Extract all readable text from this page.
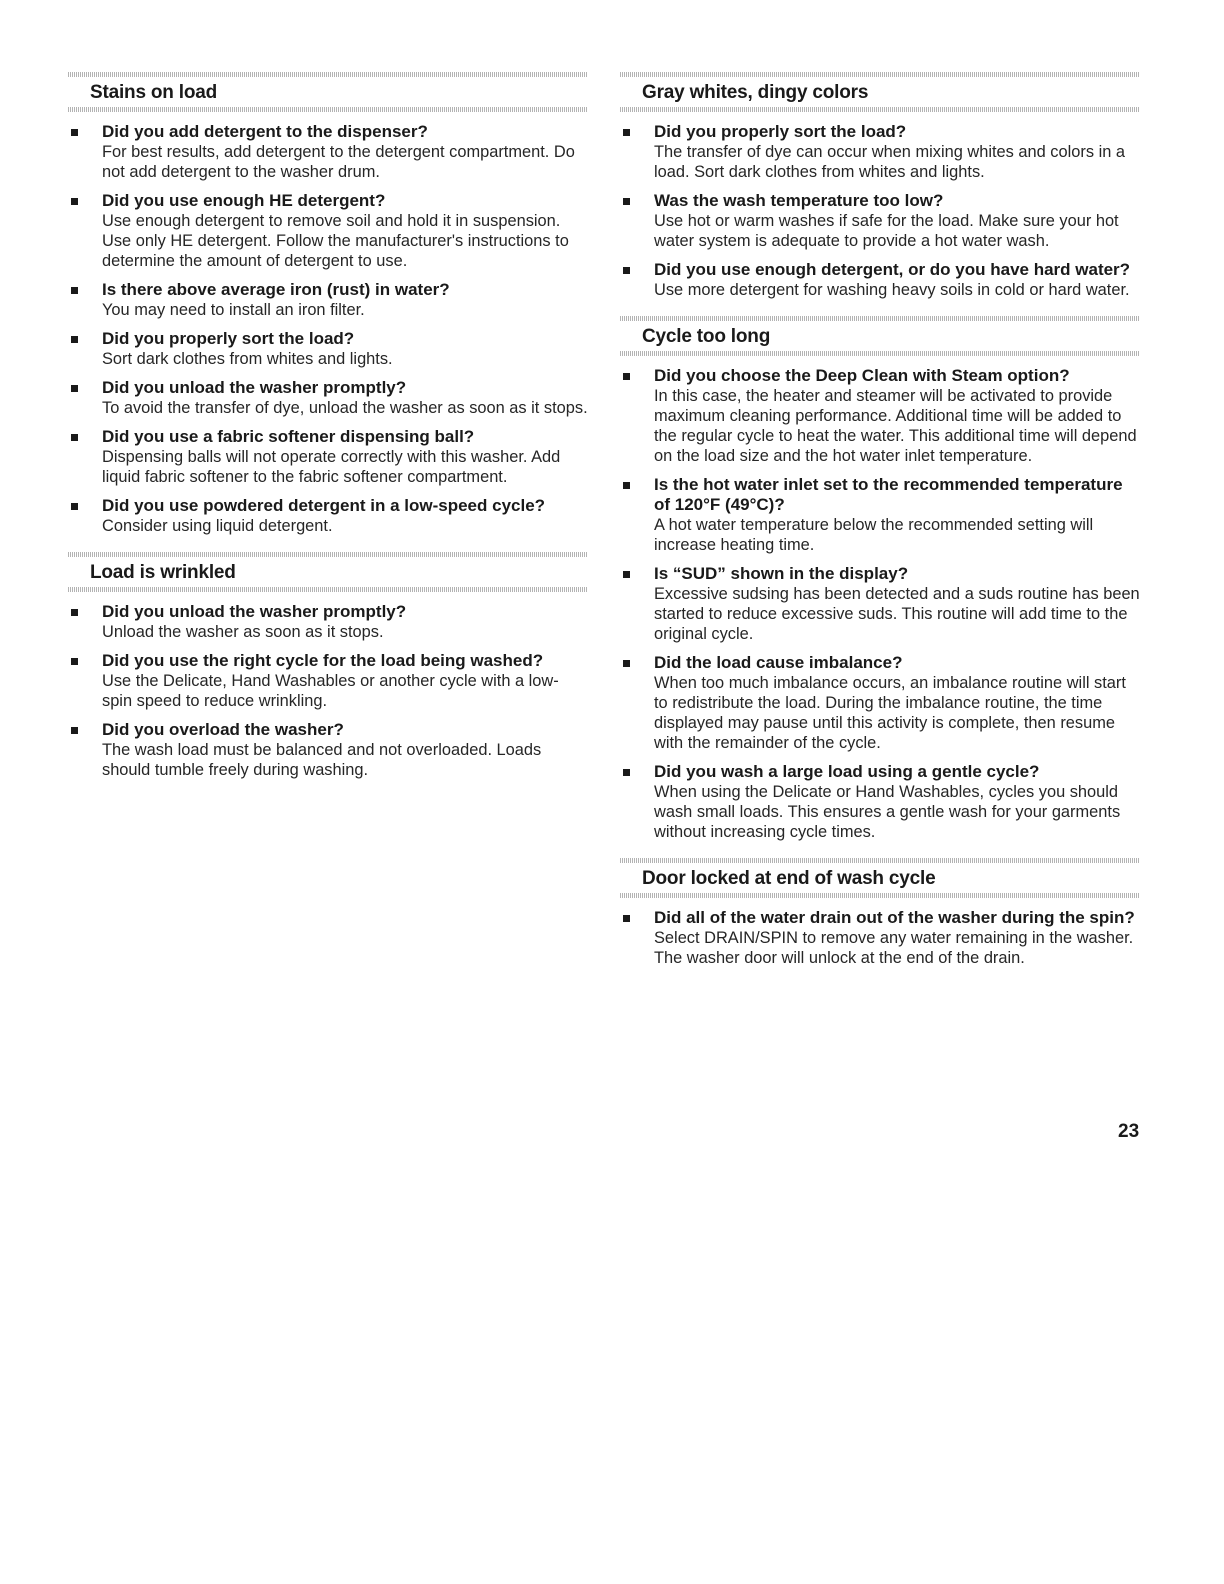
Stains on load
Did you add detergent to the dispenser?
For best results, add detergent to the detergent compartment. Do not add detergent to the washer drum.
Did you use enough HE detergent?
Use enough detergent to remove soil and hold it in suspension. Use only HE detergent. Follow the manufacturer's instructions to determine the amount of detergent to use.
Is there above average iron (rust) in water?
You may need to install an iron filter.
Did you properly sort the load?
Sort dark clothes from whites and lights.
Did you unload the washer promptly?
To avoid the transfer of dye, unload the washer as soon as it stops.
Did you use a fabric softener dispensing ball?
Dispensing balls will not operate correctly with this washer. Add liquid fabric softener to the fabric softener compartment.
Did you use powdered detergent in a low-speed cycle?
Consider using liquid detergent.
Load is wrinkled
Did you unload the washer promptly?
Unload the washer as soon as it stops.
Did you use the right cycle for the load being washed?
Use the Delicate, Hand Washables or another cycle with a low-spin speed to reduce wrinkling.
Did you overload the washer?
The wash load must be balanced and not overloaded. Loads should tumble freely during washing.
Gray whites, dingy colors
Did you properly sort the load?
The transfer of dye can occur when mixing whites and colors in a load. Sort dark clothes from whites and lights.
Was the wash temperature too low?
Use hot or warm washes if safe for the load. Make sure your hot water system is adequate to provide a hot water wash.
Did you use enough detergent, or do you have hard water?
Use more detergent for washing heavy soils in cold or hard water.
Cycle too long
Did you choose the Deep Clean with Steam option?
In this case, the heater and steamer will be activated to provide maximum cleaning performance. Additional time will be added to the regular cycle to heat the water. This additional time will depend on the load size and the hot water inlet temperature.
Is the hot water inlet set to the recommended temperature of 120°F (49°C)?
A hot water temperature below the recommended setting will increase heating time.
Is “SUD” shown in the display?
Excessive sudsing has been detected and a suds routine has been started to reduce excessive suds. This routine will add time to the original cycle.
Did the load cause imbalance?
When too much imbalance occurs, an imbalance routine will start to redistribute the load. During the imbalance routine, the time displayed may pause until this activity is complete, then resume with the remainder of the cycle.
Did you wash a large load using a gentle cycle?
When using the Delicate or Hand Washables, cycles you should wash small loads. This ensures a gentle wash for your garments without increasing cycle times.
Door locked at end of wash cycle
Did all of the water drain out of the washer during the spin?
Select DRAIN/SPIN to remove any water remaining in the washer. The washer door will unlock at the end of the drain.
23
